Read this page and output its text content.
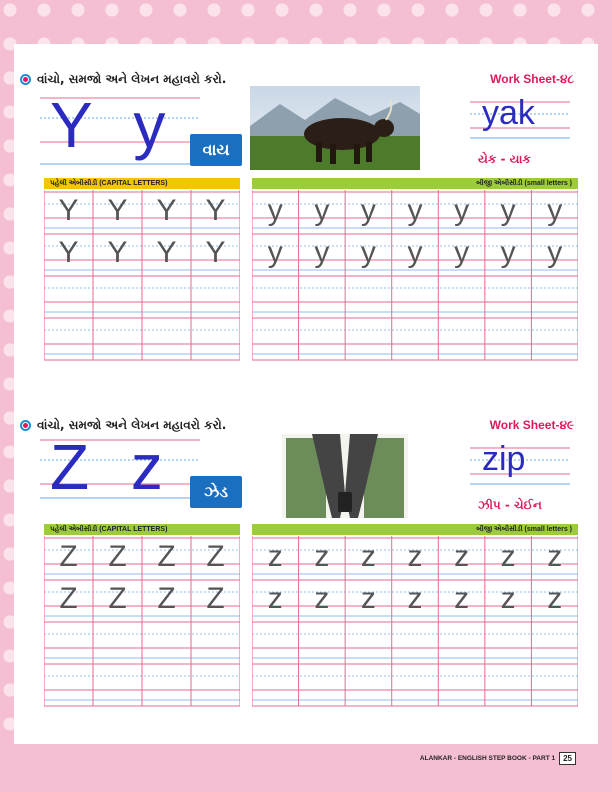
વાંચો, સમજો અને લેખન મહાવરો કરો.	Work Sheet-૪૮
Y y	વાય
yak
યેક - યાક
પહેલી એબીસીડી (CAPITAL LETTERS)	બીજી એબીસીડી (small letters )
Y Y Y Y
Y Y Y Y
y y y y y y y
y y y y y y y
વાંચો, સમજો અને લેખન મહાવરો કરો.	Work Sheet-૪૯
Z z	ઝેડ
zip
ઝીપ - ચેઈન
પહેલી એબીસીડી (CAPITAL LETTERS)	બીજી એબીસીડી (small letters )
Z Z Z Z
Z Z Z Z
z z z z z z z
z z z z z z z
ALANKAR - ENGLISH STEP BOOK - PART 1	25
